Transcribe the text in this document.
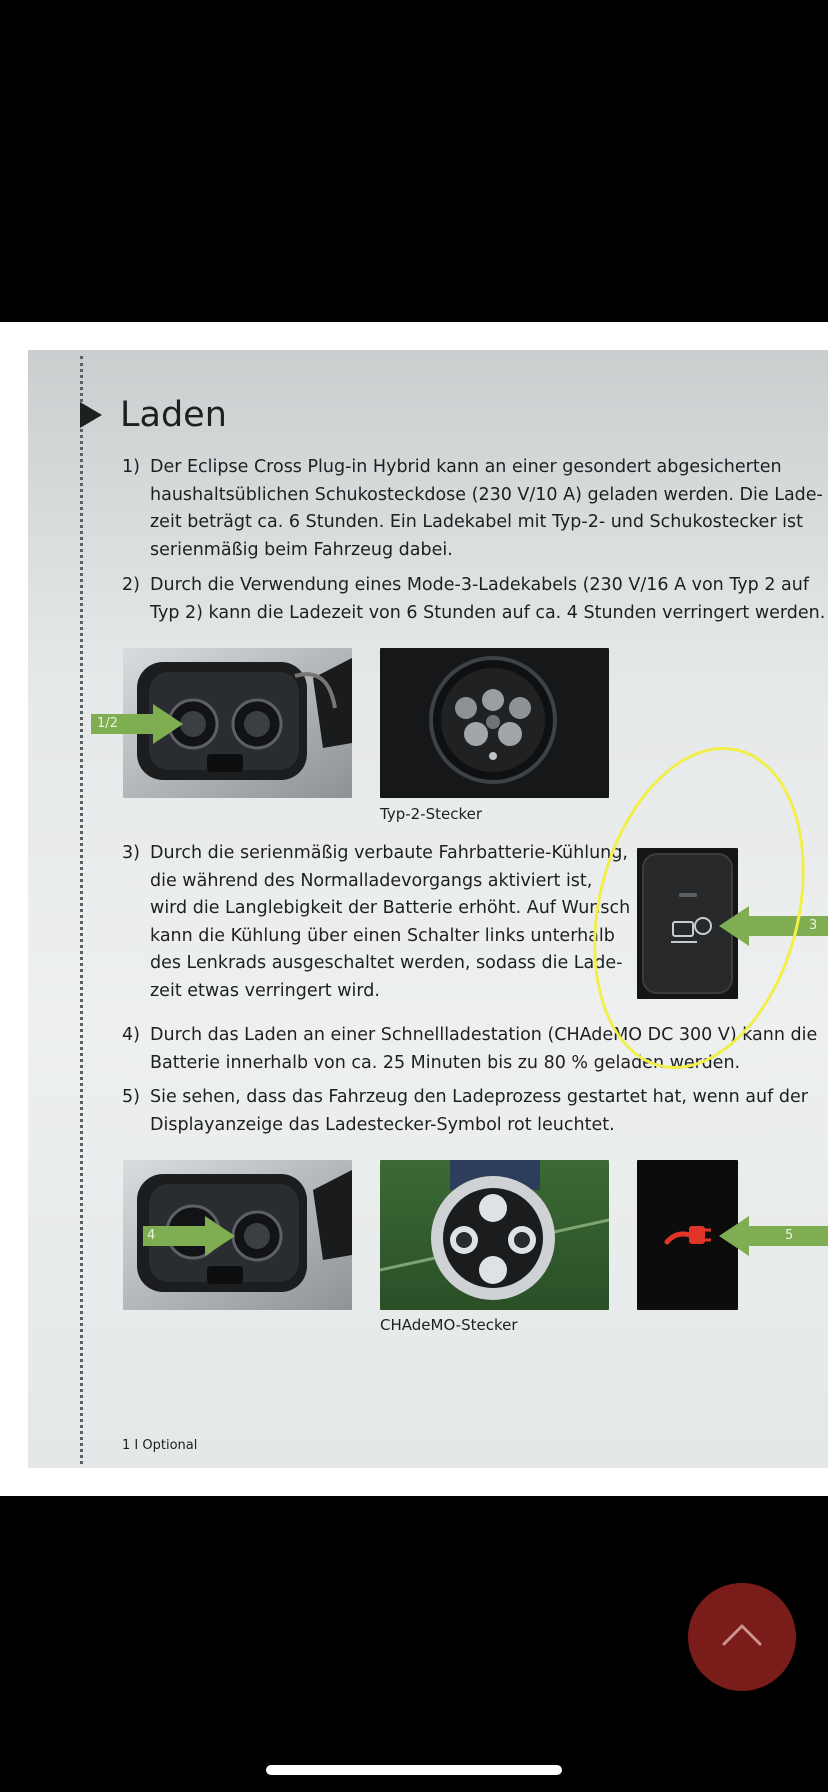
Laden
1) Der Eclipse Cross Plug-in Hybrid kann an einer gesondert abgesicherten
haushaltsüblichen Schukosteckdose (230 V/10 A) geladen werden. Die Lade-
zeit beträgt ca. 6 Stunden. Ein Ladekabel mit Typ-2- und Schukostecker ist
serienmäßig beim Fahrzeug dabei.
2) Durch die Verwendung eines Mode-3-Ladekabels (230 V/16 A von Typ 2 auf
Typ 2) kann die Ladezeit von 6 Stunden auf ca. 4 Stunden verringert werden.
Typ-2-Stecker
1/2
3) Durch die serienmäßig verbaute Fahrbatterie-Kühlung,
die während des Normalladevorgangs aktiviert ist,
wird die Langlebigkeit der Batterie erhöht. Auf Wunsch
kann die Kühlung über einen Schalter links unterhalb
des Lenkrads ausgeschaltet werden, sodass die Lade-
zeit etwas verringert wird.
3
4) Durch das Laden an einer Schnellladestation (CHAdeMO DC 300 V) kann die
Batterie innerhalb von ca. 25 Minuten bis zu 80 % geladen werden.
5) Sie sehen, dass das Fahrzeug den Ladeprozess gestartet hat, wenn auf der
Displayanzeige das Ladestecker-Symbol rot leuchtet.
CHAdeMO-Stecker
4	5
1 I Optional
